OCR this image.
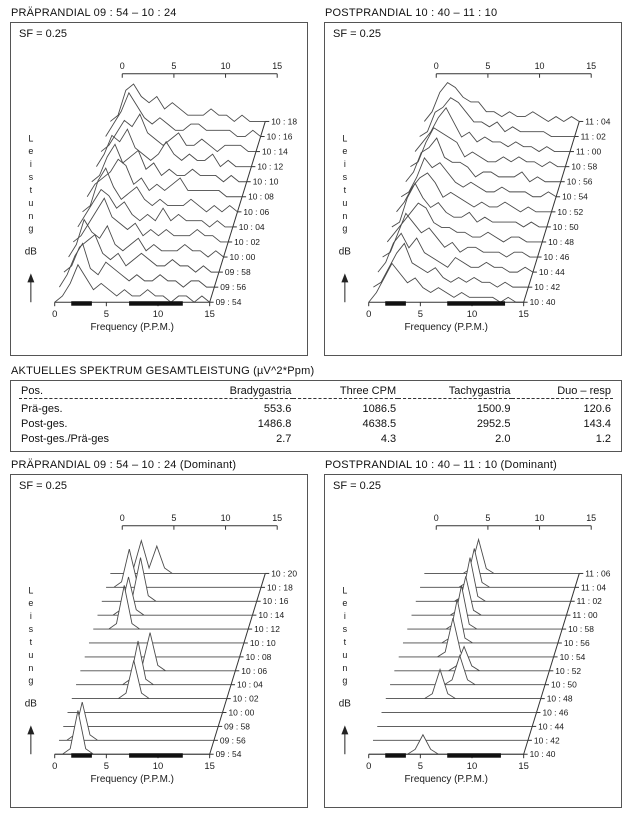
PRÄPRANDIAL 09 : 54 – 10 : 24
SF = 0.25
0	5	10	15
10 : 18
10 : 16
10 : 14
10 : 12
10 : 10
10 : 08
10 : 06
10 : 04
10 : 02
10 : 00
09 : 58
09 : 56
09 : 54
0	5	10	15
Frequency (P.P.M.)
L
e
i
s
t
u
n
g
dB
POSTPRANDIAL 10 : 40 – 11 : 10
SF = 0.25
0	5	10	15
11 : 04
11 : 02
11 : 00
10 : 58
10 : 56
10 : 54
10 : 52
10 : 50
10 : 48
10 : 46
10 : 44
10 : 42
10 : 40
0	5	10	15
Frequency (P.P.M.)
L
e
i
s
t
u
n
g
dB
AKTUELLES SPEKTRUM GESAMTLEISTUNG (µV^2*Ppm)
Pos.	Bradygastria	Three CPM	Tachygastria	Duo – resp
Prä-ges.	553.6	1086.5	1500.9	120.6
Post-ges.	1486.8	4638.5	2952.5	143.4
Post-ges./Prä-ges	2.7	4.3	2.0	1.2
PRÄPRANDIAL 09 : 54 – 10 : 24 (Dominant)
SF = 0.25
0	5	10	15
10 : 20
10 : 18
10 : 16
10 : 14
10 : 12
10 : 10
10 : 08
10 : 06
10 : 04
10 : 02
10 : 00
09 : 58
09 : 56
09 : 54
0	5	10	15
Frequency (P.P.M.)
L
e
i
s
t
u
n
g
dB
POSTPRANDIAL 10 : 40 – 11 : 10 (Dominant)
SF = 0.25
0	5	10	15
11 : 06
11 : 04
11 : 02
11 : 00
10 : 58
10 : 56
10 : 54
10 : 52
10 : 50
10 : 48
10 : 46
10 : 44
10 : 42
10 : 40
0	5	10	15
Frequency (P.P.M.)
L
e
i
s
t
u
n
g
dB
